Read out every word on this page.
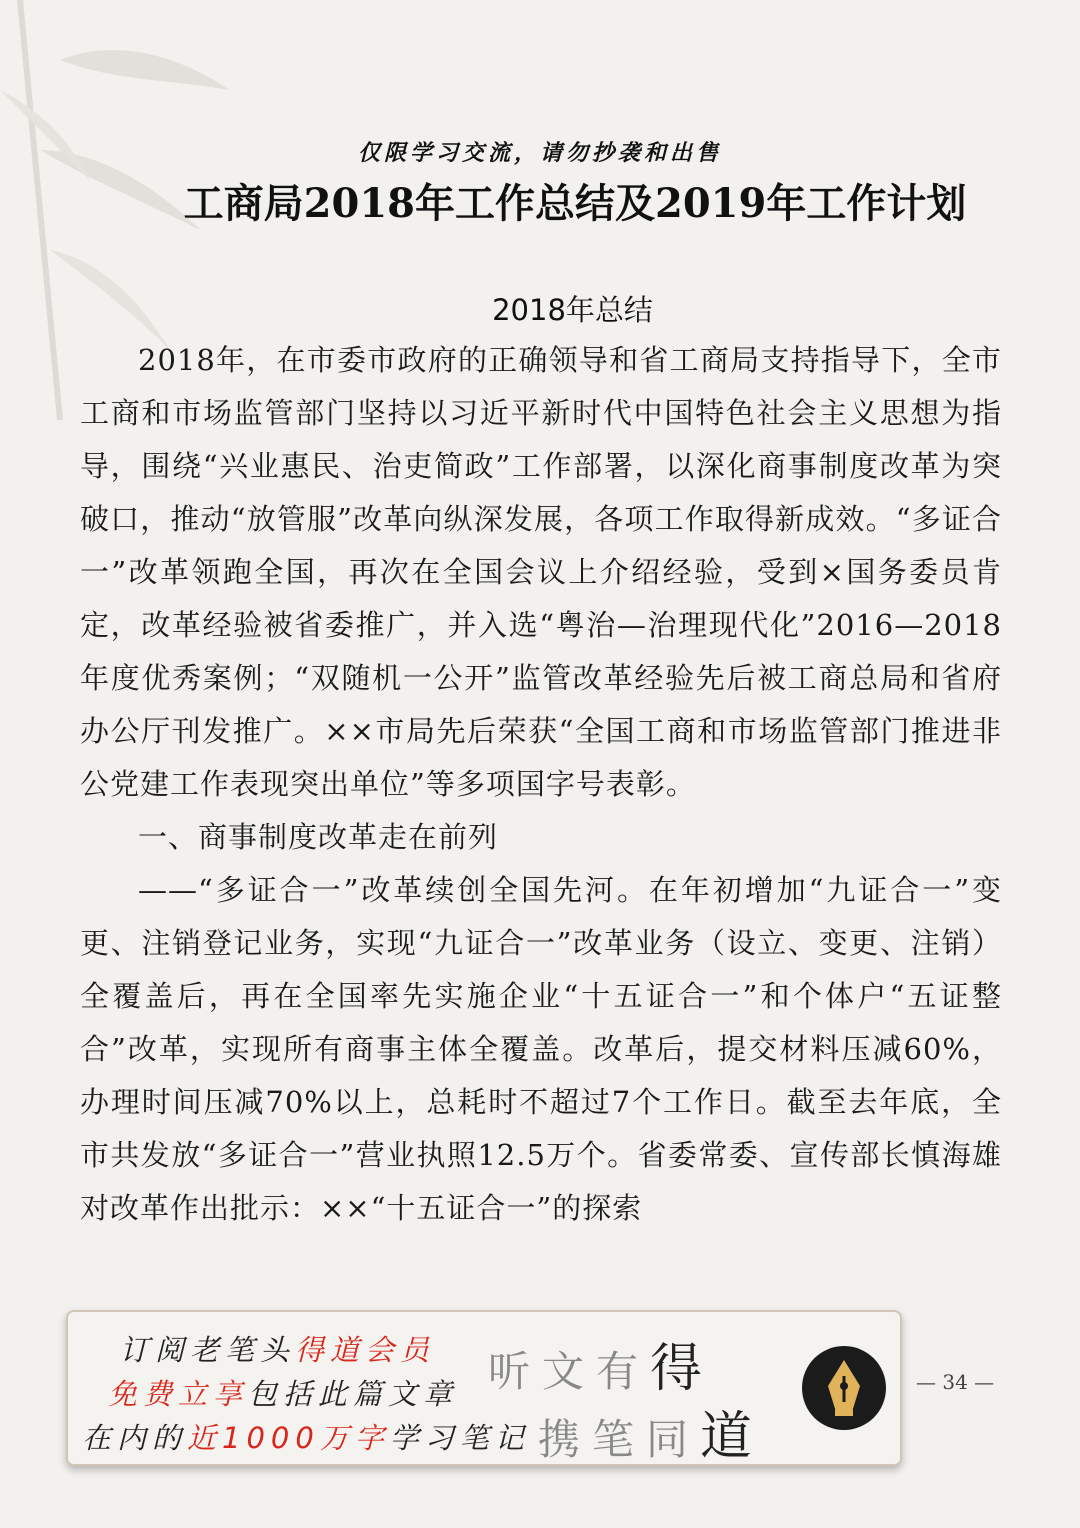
仅限学习交流，请勿抄袭和出售
工商局2018年工作总结及2019年工作计划
2018年总结

2018年，在市委市政府的正确领导和省工商局支持指导下，全市工商和市场监管部门坚持以习近平新时代中国特色社会主义思想为指导，围绕“兴业惠民、治吏简政”工作部署，以深化商事制度改革为突破口，推动“放管服”改革向纵深发展，各项工作取得新成效。“多证合一”改革领跑全国，再次在全国会议上介绍经验，受到×国务委员肯定，改革经验被省委推广，并入选“粤治—治理现代化”2016—2018年度优秀案例；“双随机一公开”监管改革经验先后被工商总局和省府办公厅刊发推广。××市局先后荣获“全国工商和市场监管部门推进非公党建工作表现突出单位”等多项国字号表彰。

一、商事制度改革走在前列

——“多证合一”改革续创全国先河。在年初增加“九证合一”变更、注销登记业务，实现“九证合一”改革业务（设立、变更、注销）全覆盖后，再在全国率先实施企业“十五证合一”和个体户“五证整合”改革，实现所有商事主体全覆盖。改革后，提交材料压减60%，办理时间压减70%以上，总耗时不超过7个工作日。截至去年底，全市共发放“多证合一”营业执照12.5万个。省委常委、宣传部长慎海雄对改革作出批示：××“十五证合一”的探索

订阅老笔头得道会员
免费立享包括此篇文章
在内的近1000万字学习笔记
听文有得
携笔同道
— 34 —
